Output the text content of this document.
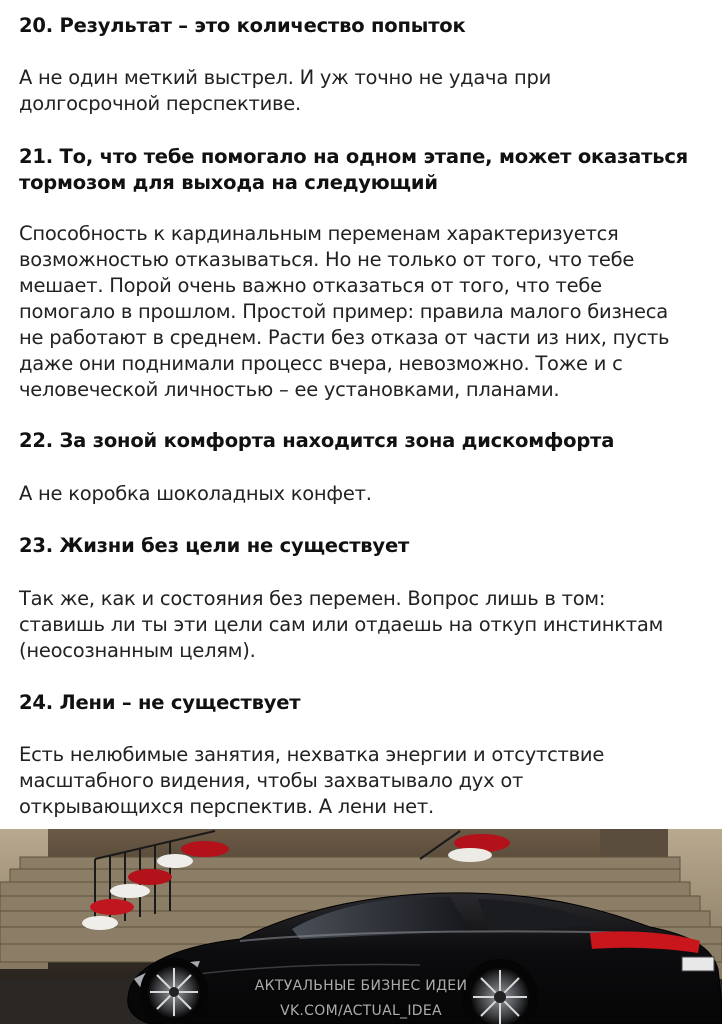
20. Результат – это количество попыток

А не один меткий выстрел. И уж точно не удача при
долгосрочной перспективе.

21. То, что тебе помогало на одном этапе, может оказаться
тормозом для выхода на следующий

Способность к кардинальным переменам характеризуется
возможностью отказываться. Но не только от того, что тебе
мешает. Порой очень важно отказаться от того, что тебе
помогало в прошлом. Простой пример: правила малого бизнеса
не работают в среднем. Расти без отказа от части из них, пусть
даже они поднимали процесс вчера, невозможно. Тоже и с
человеческой личностью – ее установками, планами.

22. За зоной комфорта находится зона дискомфорта

А не коробка шоколадных конфет.

23. Жизни без цели не существует

Так же, как и состояния без перемен. Вопрос лишь в том:
ставишь ли ты эти цели сам или отдаешь на откуп инстинктам
(неосознанным целям).

24. Лени – не существует

Есть нелюбимые занятия, нехватка энергии и отсутствие
масштабного видения, чтобы захватывало дух от
открывающихся перспектив. А лени нет.

АКТУАЛЬНЫЕ БИЗНЕС ИДЕИ
VK.COM/ACTUAL_IDEA
